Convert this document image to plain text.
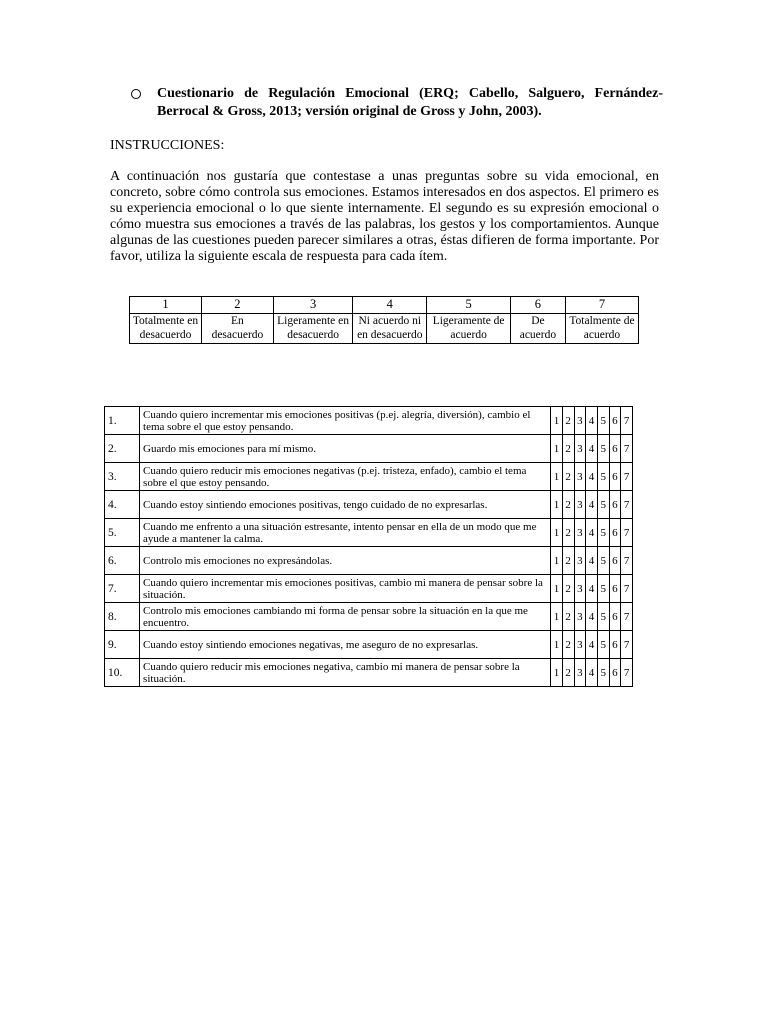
Cuestionario de Regulación Emocional (ERQ; Cabello, Salguero, Fernández-Berrocal & Gross, 2013; versión original de Gross y John, 2003).
INSTRUCCIONES:
A continuación nos gustaría que contestase a unas preguntas sobre su vida emocional, en concreto, sobre cómo controla sus emociones. Estamos interesados en dos aspectos. El primero es su experiencia emocional o lo que siente internamente. El segundo es su expresión emocional o cómo muestra sus emociones a través de las palabras, los gestos y los comportamientos. Aunque algunas de las cuestiones pueden parecer similares a otras, éstas difieren de forma importante. Por favor, utiliza la siguiente escala de respuesta para cada ítem.
1	2	3	4	5	6	7
Totalmente en desacuerdo	En desacuerdo	Ligeramente en desacuerdo	Ni acuerdo ni en desacuerdo	Ligeramente de acuerdo	De acuerdo	Totalmente de acuerdo
1.	Cuando quiero incrementar mis emociones positivas (p.ej. alegría, diversión), cambio el tema sobre el que estoy pensando.	1	2	3	4	5	6	7
2.	Guardo mis emociones para mí mismo.	1	2	3	4	5	6	7
3.	Cuando quiero reducir mis emociones negativas (p.ej. tristeza, enfado), cambio el tema sobre el que estoy pensando.	1	2	3	4	5	6	7
4.	Cuando estoy sintiendo emociones positivas, tengo cuidado de no expresarlas.	1	2	3	4	5	6	7
5.	Cuando me enfrento a una situación estresante, intento pensar en ella de un modo que me ayude a mantener la calma.	1	2	3	4	5	6	7
6.	Controlo mis emociones no expresándolas.	1	2	3	4	5	6	7
7.	Cuando quiero incrementar mis emociones positivas, cambio mi manera de pensar sobre la situación.	1	2	3	4	5	6	7
8.	Controlo mis emociones cambiando mi forma de pensar sobre la situación en la que me encuentro.	1	2	3	4	5	6	7
9.	Cuando estoy sintiendo emociones negativas, me aseguro de no expresarlas.	1	2	3	4	5	6	7
10.	Cuando quiero reducir mis emociones negativa, cambio mi manera de pensar sobre la situación.	1	2	3	4	5	6	7
